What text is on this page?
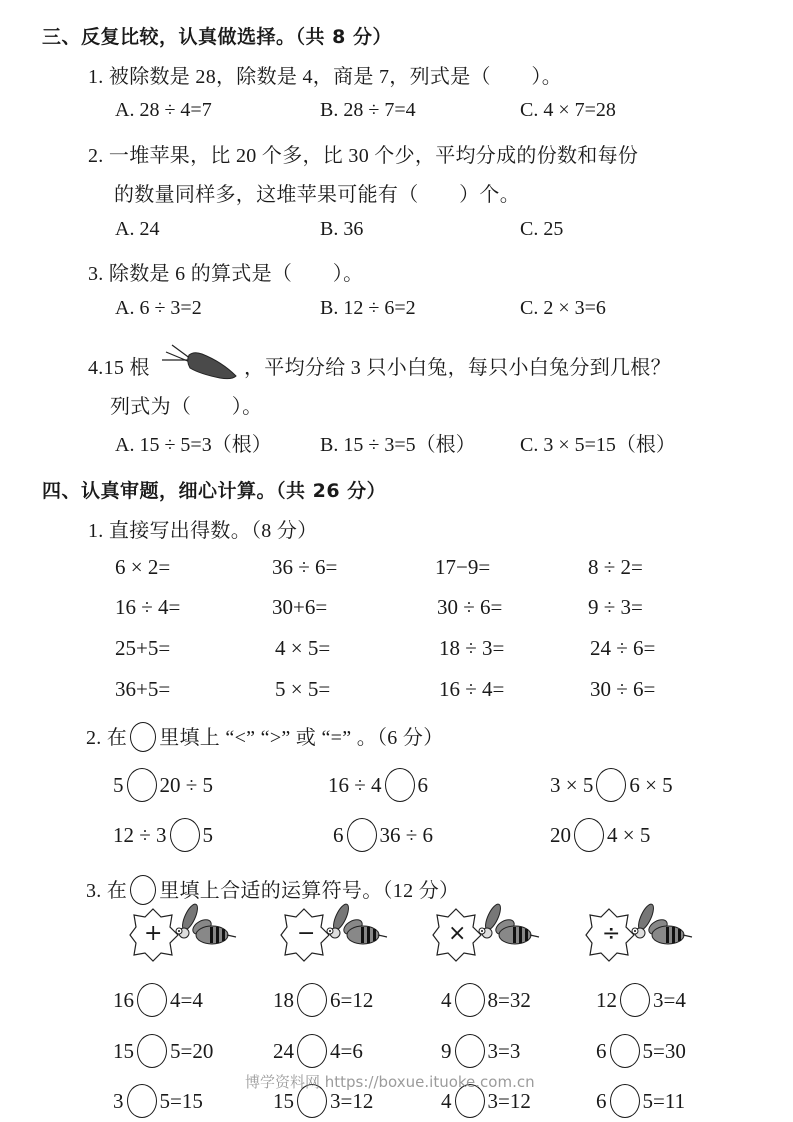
三、反复比较，认真做选择。（共 8 分）
1. 被除数是 28，除数是 4，商是 7，列式是（　　）。
A. 28 ÷ 4=7	B. 28 ÷ 7=4	C. 4 × 7=28
2. 一堆苹果，比 20 个多，比 30 个少，平均分成的份数和每份
的数量同样多，这堆苹果可能有（　　）个。
A. 24	B. 36	C. 25
3. 除数是 6 的算式是（　　）。
A. 6 ÷ 3=2	B. 12 ÷ 6=2	C. 2 × 3=6
4.15 根	，平均分给 3 只小白兔，每只小白兔分到几根？
列式为（　　）。
A. 15 ÷ 5=3（根） B. 15 ÷ 3=5（根） C. 3 × 5=15（根）
四、认真审题，细心计算。（共 26 分）
1. 直接写出得数。（8 分）
6 × 2=	36 ÷ 6=	17−9=	8 ÷ 2=
16 ÷ 4=	30+6=	30 ÷ 6=	9 ÷ 3=
25+5=	4 × 5=	18 ÷ 3=	24 ÷ 6=
36+5=	5 × 5=	16 ÷ 4=	30 ÷ 6=
2. 在 里填上 “<” “>” 或 “=” 。（6 分）
5 20 ÷ 5	16 ÷ 4 6	3 × 5 6 × 5
12 ÷ 3 5	6 36 ÷ 6	20 4 × 5
3. 在 里填上合适的运算符号。（12 分）
+	−	×	÷
16 4=4	18 6=12	4 8=32	12 3=4
15 5=20	24 4=6	9 3=3	6 5=30
3 5=15	15 3=12	4 3=12	6 5=11
博学资料网 https://boxue.ituoke.com.cn
